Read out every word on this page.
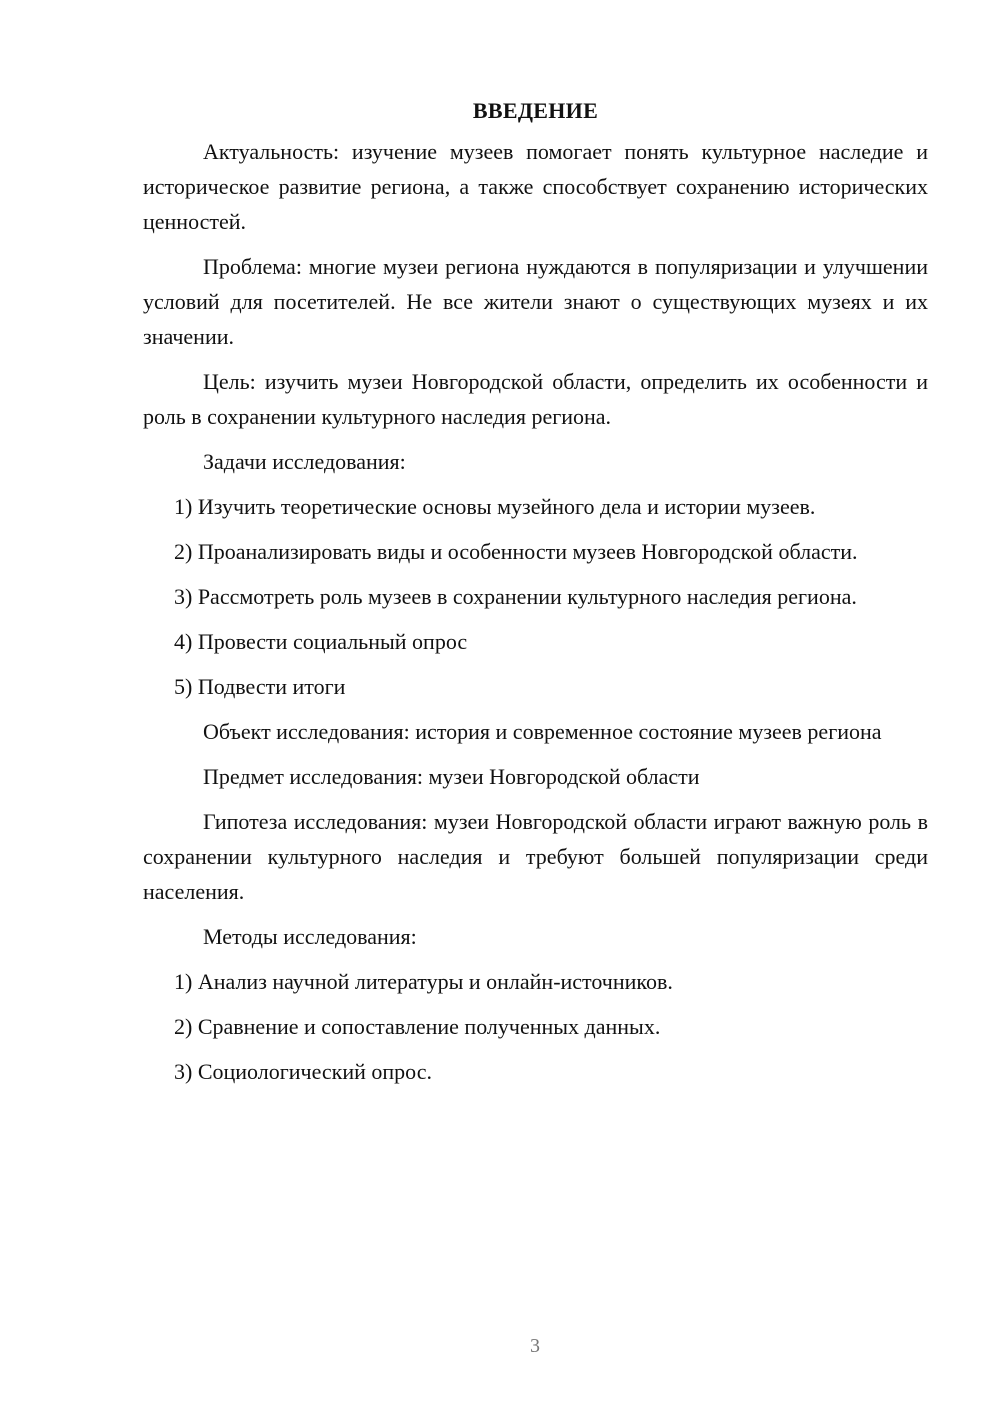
ВВЕДЕНИЕ

Актуальность: изучение музеев помогает понять культурное наследие и историческое развитие региона, а также способствует сохранению исторических ценностей.

Проблема: многие музеи региона нуждаются в популяризации и улучшении условий для посетителей. Не все жители знают о существующих музеях и их значении.

Цель: изучить музеи Новгородской области, определить их особенности и роль в сохранении культурного наследия региона.

Задачи исследования:

1) Изучить теоретические основы музейного дела и истории музеев.

2) Проанализировать виды и особенности музеев Новгородской области.

3) Рассмотреть роль музеев в сохранении культурного наследия региона.

4) Провести социальный опрос

5) Подвести итоги

Объект исследования: история и современное состояние музеев региона

Предмет исследования: музеи Новгородской области

Гипотеза исследования: музеи Новгородской области играют важную роль в сохранении культурного наследия и требуют большей популяризации среди населения.

Методы исследования:

1) Анализ научной литературы и онлайн-источников.

2) Сравнение и сопоставление полученных данных.

3) Социологический опрос.

3
